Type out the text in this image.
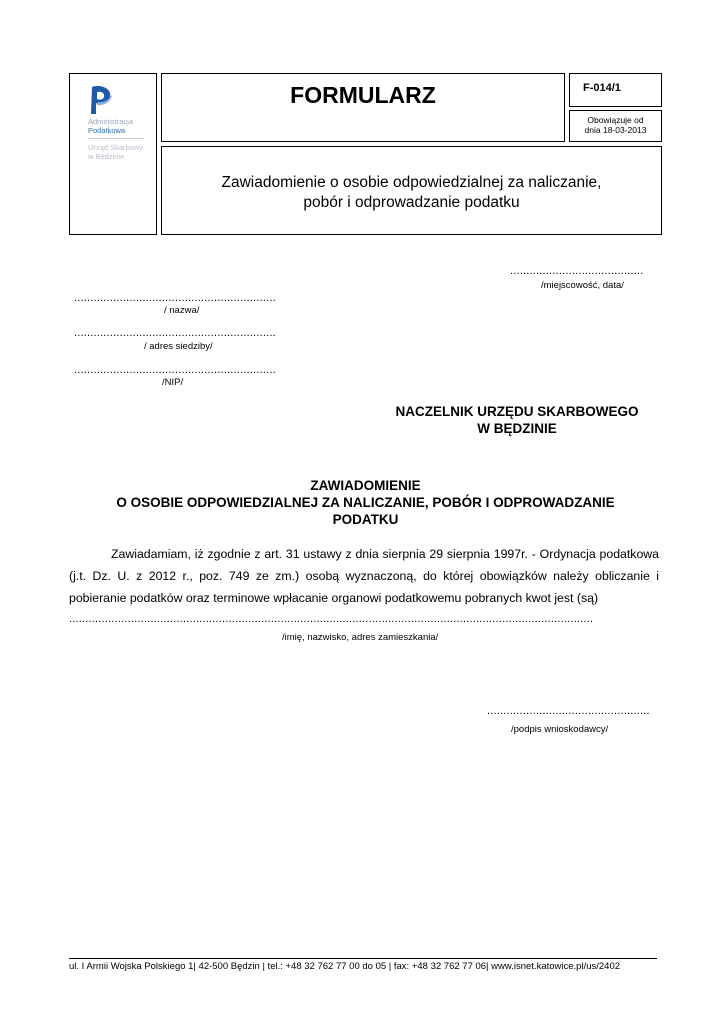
Administracja
Podatkowa
Urząd Skarbowy
w Będzinie
FORMULARZ	F-014/1
Obowiązuje od
dnia 18-03-2013
Zawiadomienie o osobie odpowiedzialnej za naliczanie,
pobór i odprowadzanie podatku
.........................................
/miejscowość, data/
..............................................................
/ nazwa/
..............................................................
/ adres siedziby/
..............................................................
/NIP/
NACZELNIK URZĘDU SKARBOWEGO
W BĘDZINIE
ZAWIADOMIENIE
O OSOBIE ODPOWIEDZIALNEJ ZA NALICZANIE, POBÓR I ODPROWADZANIE
PODATKU
Zawiadamiam, iż zgodnie z art. 31 ustawy z dnia sierpnia 29 sierpnia 1997r. - Ordynacja podatkowa (j.t. Dz. U. z 2012 r., poz. 749 ze zm.) osobą wyznaczoną, do której obowiązków należy obliczanie i pobieranie podatków oraz terminowe wpłacanie organowi podatkowemu pobranych kwot jest (są)
.................................................................................................................................................................
/imię, nazwisko, adres zamieszkania/
..................................................
/podpis wnioskodawcy/
ul. I Armii Wojska Polskiego 1| 42-500 Będzin | tel.: +48 32 762 77 00 do 05 | fax: +48 32 762 77 06| www.isnet.katowice.pl/us/2402
